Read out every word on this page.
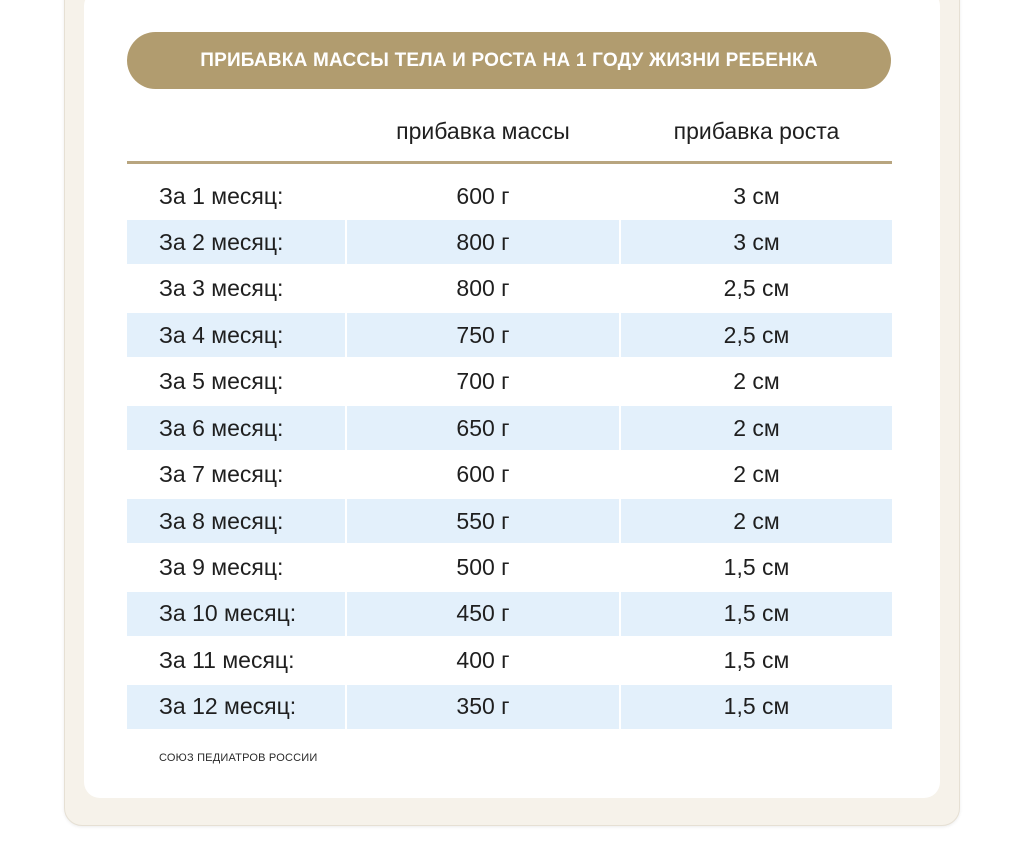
ПРИБАВКА МАССЫ ТЕЛА И РОСТА НА 1 ГОДУ ЖИЗНИ РЕБЕНКА
прибавка массы	прибавка роста
За 1 месяц:	600 г	3 см
За 2 месяц:	800 г	3 см
За 3 месяц:	800 г	2,5 см
За 4 месяц:	750 г	2,5 см
За 5 месяц:	700 г	2 см
За 6 месяц:	650 г	2 см
За 7 месяц:	600 г	2 см
За 8 месяц:	550 г	2 см
За 9 месяц:	500 г	1,5 см
За 10 месяц:	450 г	1,5 см
За 11 месяц:	400 г	1,5 см
За 12 месяц:	350 г	1,5 см
СОЮЗ ПЕДИАТРОВ РОССИИ
